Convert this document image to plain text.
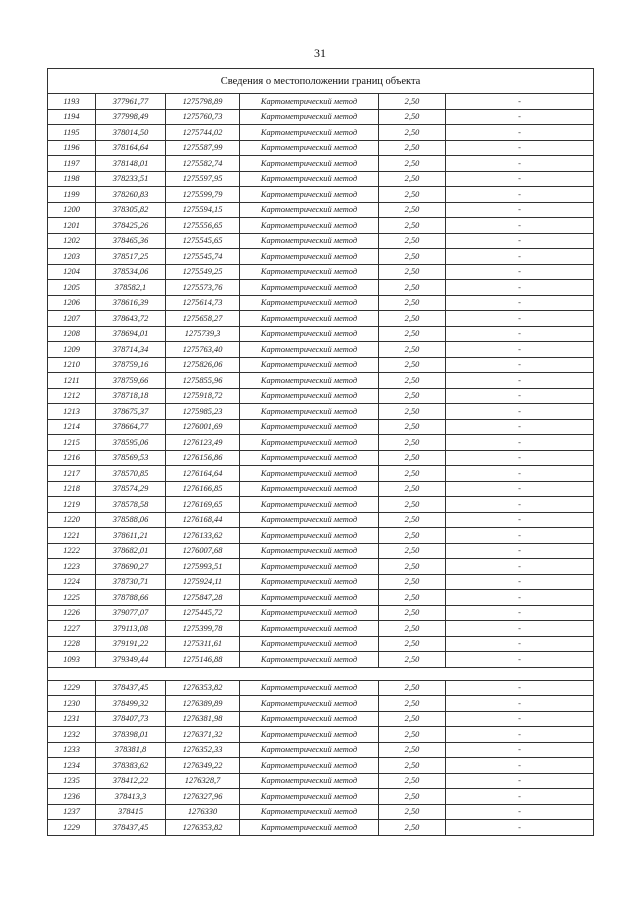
31
Сведения о местоположении границ объекта					
1193	377961,77	1275798,89	Картометрический метод	2,50	-
1194	377998,49	1275760,73	Картометрический метод	2,50	-
1195	378014,50	1275744,02	Картометрический метод	2,50	-
1196	378164,64	1275587,99	Картометрический метод	2,50	-
1197	378148,01	1275582,74	Картометрический метод	2,50	-
1198	378233,51	1275597,95	Картометрический метод	2,50	-
1199	378260,83	1275599,79	Картометрический метод	2,50	-
1200	378305,82	1275594,15	Картометрический метод	2,50	-
1201	378425,26	1275556,65	Картометрический метод	2,50	-
1202	378465,36	1275545,65	Картометрический метод	2,50	-
1203	378517,25	1275545,74	Картометрический метод	2,50	-
1204	378534,06	1275549,25	Картометрический метод	2,50	-
1205	378582,1	1275573,76	Картометрический метод	2,50	-
1206	378616,39	1275614,73	Картометрический метод	2,50	-
1207	378643,72	1275658,27	Картометрический метод	2,50	-
1208	378694,01	1275739,3	Картометрический метод	2,50	-
1209	378714,34	1275763,40	Картометрический метод	2,50	-
1210	378759,16	1275826,06	Картометрический метод	2,50	-
1211	378759,66	1275855,96	Картометрический метод	2,50	-
1212	378718,18	1275918,72	Картометрический метод	2,50	-
1213	378675,37	1275985,23	Картометрический метод	2,50	-
1214	378664,77	1276001,69	Картометрический метод	2,50	-
1215	378595,06	1276123,49	Картометрический метод	2,50	-
1216	378569,53	1276156,86	Картометрический метод	2,50	-
1217	378570,85	1276164,64	Картометрический метод	2,50	-
1218	378574,29	1276166,85	Картометрический метод	2,50	-
1219	378578,58	1276169,65	Картометрический метод	2,50	-
1220	378588,06	1276168,44	Картометрический метод	2,50	-
1221	378611,21	1276133,62	Картометрический метод	2,50	-
1222	378682,01	1276007,68	Картометрический метод	2,50	-
1223	378690,27	1275993,51	Картометрический метод	2,50	-
1224	378730,71	1275924,11	Картометрический метод	2,50	-
1225	378788,66	1275847,28	Картометрический метод	2,50	-
1226	379077,07	1275445,72	Картометрический метод	2,50	-
1227	379113,08	1275399,78	Картометрический метод	2,50	-
1228	379191,22	1275311,61	Картометрический метод	2,50	-
1093	379349,44	1275146,88	Картометрический метод	2,50	-

1229	378437,45	1276353,82	Картометрический метод	2,50	-
1230	378499,32	1276389,89	Картометрический метод	2,50	-
1231	378407,73	1276381,98	Картометрический метод	2,50	-
1232	378398,01	1276371,32	Картометрический метод	2,50	-
1233	378381,8	1276352,33	Картометрический метод	2,50	-
1234	378383,62	1276349,22	Картометрический метод	2,50	-
1235	378412,22	1276328,7	Картометрический метод	2,50	-
1236	378413,3	1276327,96	Картометрический метод	2,50	-
1237	378415	1276330	Картометрический метод	2,50	-
1229	378437,45	1276353,82	Картометрический метод	2,50	-
